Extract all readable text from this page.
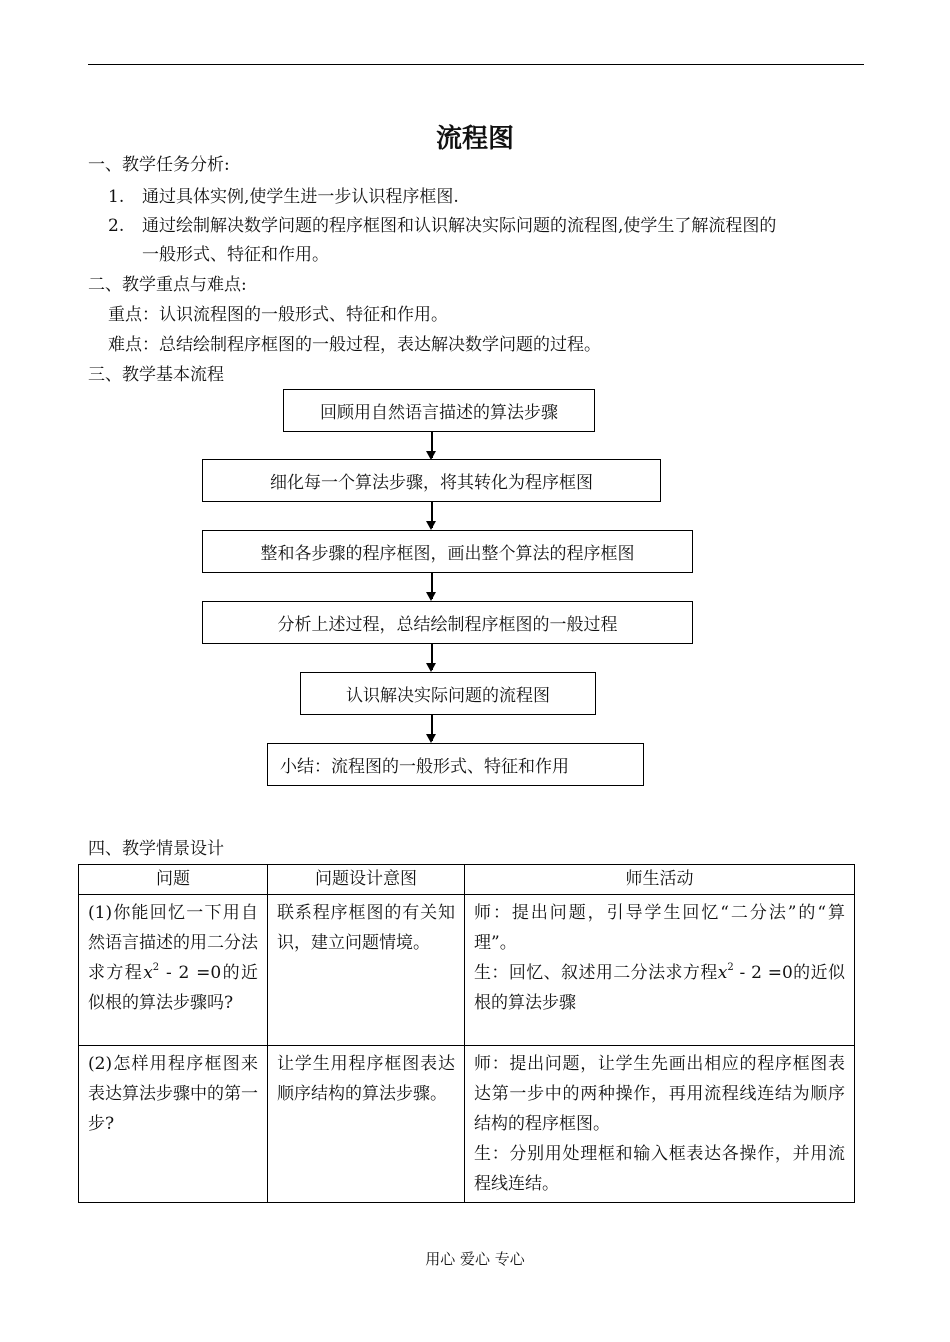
流程图
一、教学任务分析:
1. 通过具体实例,使学生进一步认识程序框图.
2. 通过绘制解决数学问题的程序框图和认识解决实际问题的流程图,使学生了解流程图的
一般形式、特征和作用。
二、教学重点与难点:
重点：认识流程图的一般形式、特征和作用。
难点：总结绘制程序框图的一般过程，表达解决数学问题的过程。
三、教学基本流程
回顾用自然语言描述的算法步骤
细化每一个算法步骤，将其转化为程序框图
整和各步骤的程序框图，画出整个算法的程序框图
分析上述过程，总结绘制程序框图的一般过程
认识解决实际问题的流程图
小结：流程图的一般形式、特征和作用
四、教学情景设计
问题	问题设计意图	师生活动
(1)你能回忆一下用自然语言描述的用二分法求方程$x^2 - 2 =0$的近似根的算法步骤吗?	联系程序框图的有关知识，建立问题情境。	师：提出问题，引导学生回忆“二分法”的“算理”。
生：回忆、叙述用二分法求方程$x^2 - 2 =0$的近似根的算法步骤

(2)怎样用程序框图来表达算法步骤中的第一步?	让学生用程序框图表达顺序结构的算法步骤。	师：提出问题，让学生先画出相应的程序框图表达第一步中的两种操作，再用流程线连结为顺序结构的程序框图。
生：分别用处理框和输入框表达各操作，并用流程线连结。
用心 爱心 专心
